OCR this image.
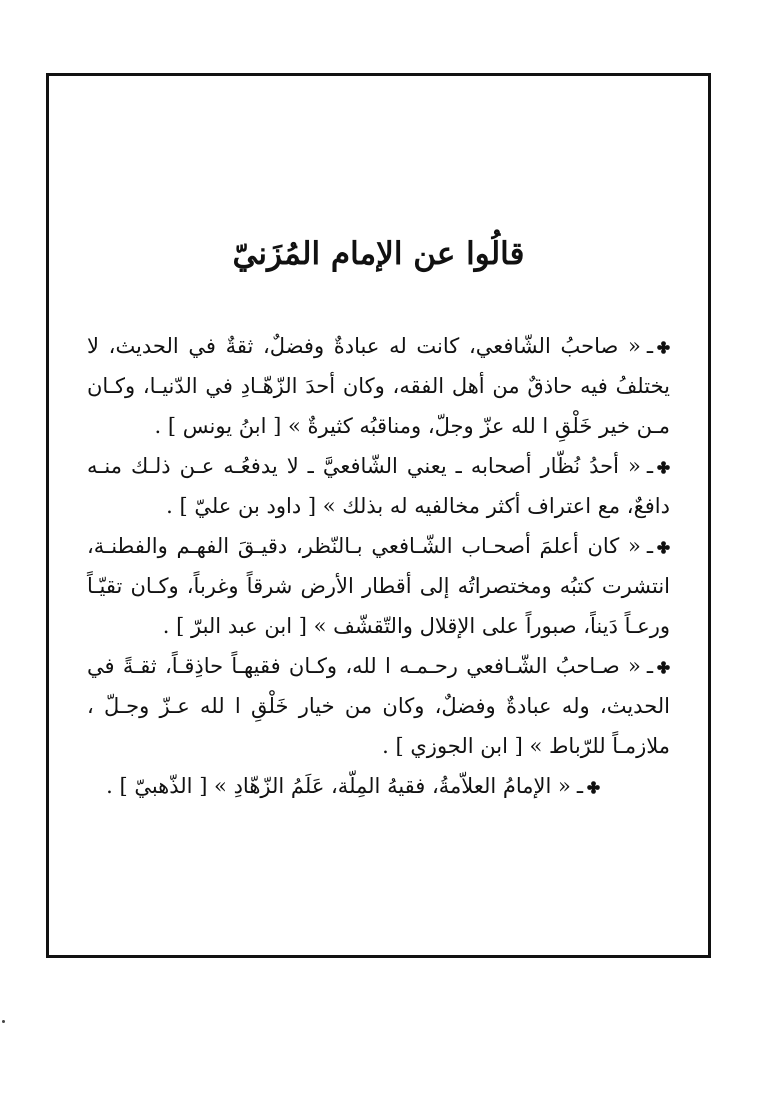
قالُوا عن الإمام المُزَنيّ

ـ« صاحبُ الشّافعي، كانت له عبادةٌ وفضلٌ، ثقةٌ في الحديث، لا يختلفُ فيه حاذقٌ من أهل الفقه، وكان أحدَ الزّهّـادِ في الدّنيـا، وكـان مـن خير خَلْقِ ا لله عزّ وجلّ، ومناقبُه كثيرةٌ » [ ابنُ يونس ] .

ـ« أحدُ نُظّار أصحابه ـ يعني الشّافعيَّ ـ لا يدفعُـه عـن ذلـك منـه دافعٌ، مع اعتراف أكثر مخالفيه له بذلك » [ داود بن عليّ ] .

ـ« كان أعلمَ أصحـاب الشّـافعي بـالنّظر، دقيـقَ الفهـم والفطنـة، انتشرت كتبُه ومختصراتُه إلى أقطار الأرض شرقاً وغرباً، وكـان تقيّـاً ورعـاً دَيناً، صبوراً على الإقلال والتّقشّف » [ ابن عبد البرّ ] .

ـ« صـاحبُ الشّـافعي رحـمـه ا لله، وكـان فقيهـاً حاذِقـاً، ثقـةً في الحديث، وله عبادةٌ وفضلٌ، وكان من خيار خَلْقِ ا لله عـزّ وجـلّ ، ملازمـاً للرّباط » [ ابن الجوزي ] .

ـ« الإمامُ العلاّمةُ، فقيهُ المِلّة، عَلَمُ الزّهّادِ » [ الذّهبيّ ] .
